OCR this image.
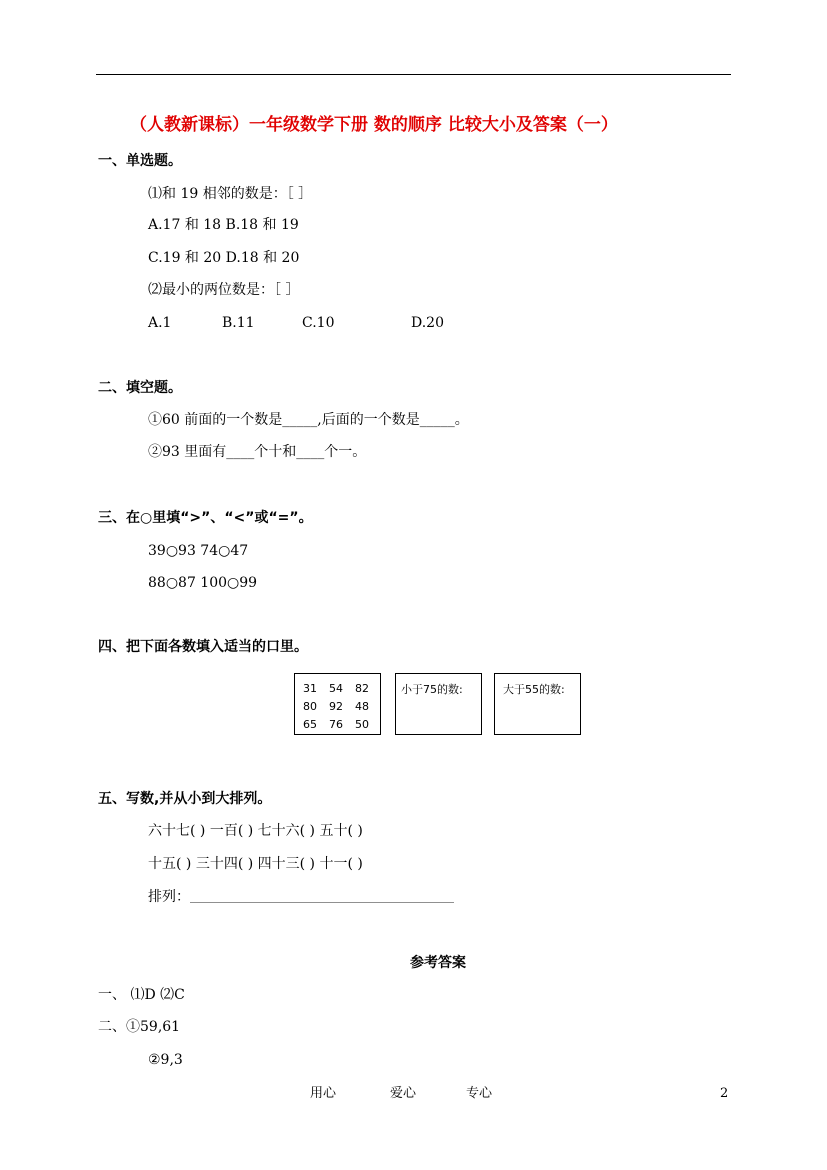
（人教新课标）一年级数学下册 数的顺序 比较大小及答案（一）
一、单选题。
⑴和 19 相邻的数是：［ ］
A.17 和 18 B.18 和 19
C.19 和 20 D.18 和 20
⑵最小的两位数是：［ ］
A.1	B.11	C.10	D.20
二、填空题。
①60 前面的一个数是_____,后面的一个数是_____。
②93 里面有____个十和____个一。
三、在○里填“>”、“<”或“=”。
39○93 74○47
88○87 100○99
四、把下面各数填入适当的口里。
31	54	82
80	92	48
65	76	50
小于75的数:	大于55的数:
五、写数,并从小到大排列。
六十七( ) 一百( ) 七十六( ) 五十( )
十五( ) 三十四( ) 四十三( ) 十一( )
排列： ________________________________________________
参考答案
一、 ⑴D ⑵C
二、①59,61
②9,3
用心	爱心	专心	2
